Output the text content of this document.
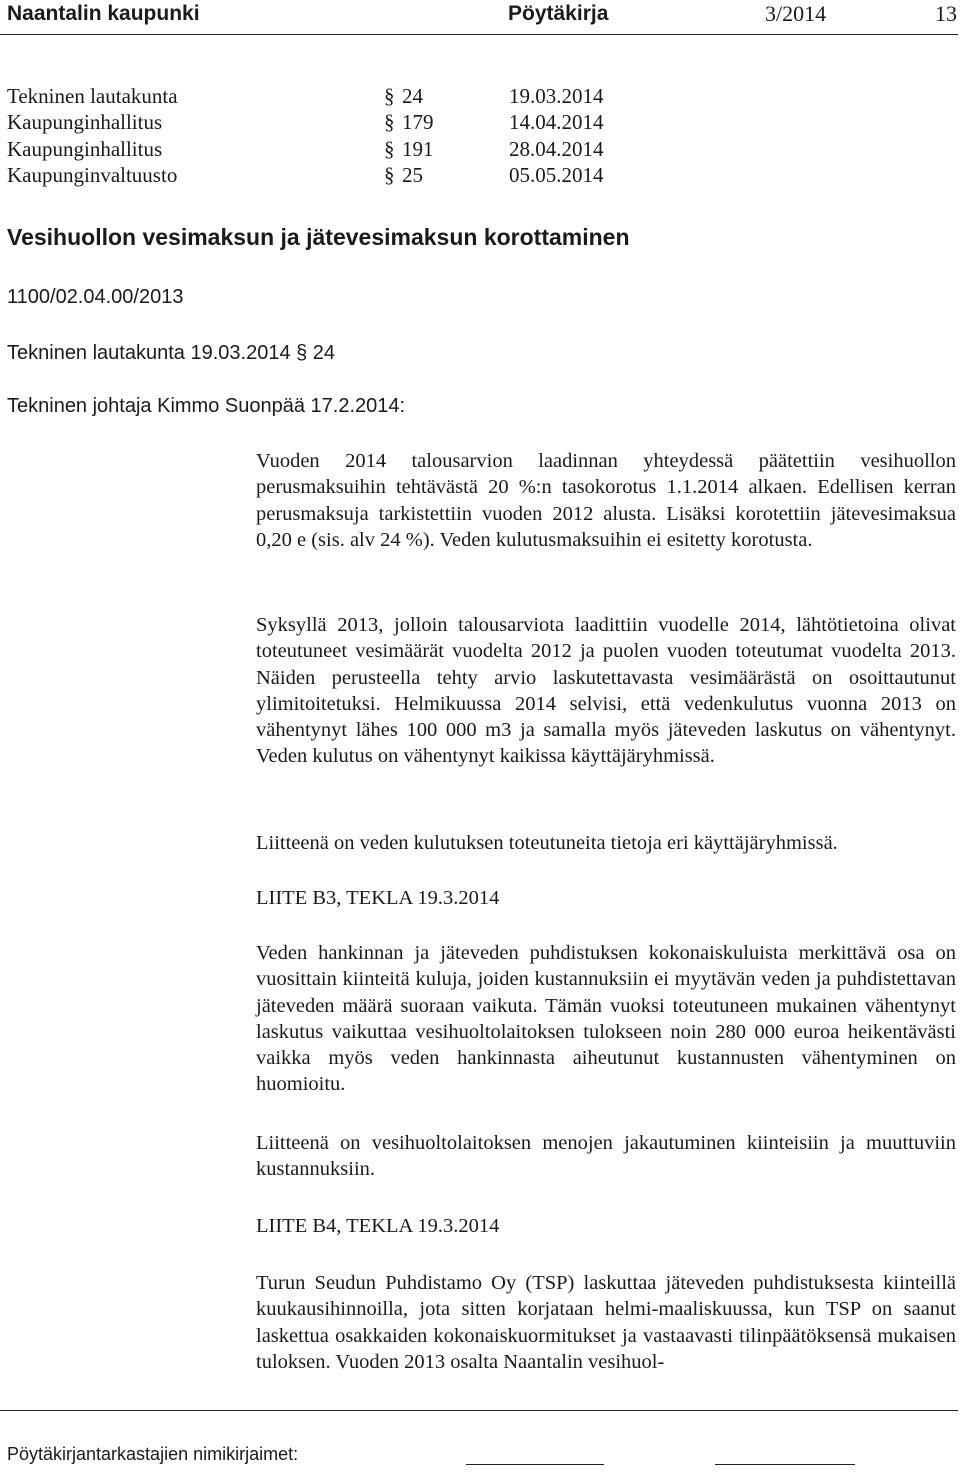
Naantalin kaupunki	Pöytäkirja	3/2014	13
Tekninen lautakunta	§ 24	19.03.2014
Kaupunginhallitus	§ 179	14.04.2014
Kaupunginhallitus	§ 191	28.04.2014
Kaupunginvaltuusto	§ 25	05.05.2014
Vesihuollon vesimaksun ja jätevesimaksun korottaminen
1100/02.04.00/2013
Tekninen lautakunta 19.03.2014 § 24
Tekninen johtaja Kimmo Suonpää 17.2.2014:

Vuoden 2014 talousarvion laadinnan yhteydessä päätettiin vesihuollon perusmaksuihin tehtävästä 20 %:n tasokorotus 1.1.2014 alkaen. Edellisen kerran perusmaksuja tarkistettiin vuoden 2012 alusta. Lisäksi korotettiin jätevesimaksua 0,20 e (sis. alv 24 %). Veden kulutusmaksuihin ei esitetty korotusta.

Syksyllä 2013, jolloin talousarviota laadittiin vuodelle 2014, lähtötietoina olivat toteutuneet vesimäärät vuodelta 2012 ja puolen vuoden toteutumat vuodelta 2013. Näiden perusteella tehty arvio laskutettavasta vesimäärästä on osoittautunut ylimitoitetuksi. Helmikuussa 2014 selvisi, että vedenkulutus vuonna 2013 on vähentynyt lähes 100 000 m3 ja samalla myös jäteveden laskutus on vähentynyt. Veden kulutus on vähentynyt kaikissa käyttäjäryhmissä.

Liitteenä on veden kulutuksen toteutuneita tietoja eri käyttäjäryhmissä.

LIITE B3, TEKLA 19.3.2014

Veden hankinnan ja jäteveden puhdistuksen kokonaiskuluista merkittävä osa on vuosittain kiinteitä kuluja, joiden kustannuksiin ei myytävän veden ja puhdistettavan jäteveden määrä suoraan vaikuta. Tämän vuoksi toteutuneen mukainen vähentynyt laskutus vaikuttaa vesihuoltolaitoksen tulokseen noin 280 000 euroa heikentävästi vaikka myös veden hankinnasta aiheutunut kustannusten vähentyminen on huomioitu.

Liitteenä on vesihuoltolaitoksen menojen jakautuminen kiinteisiin ja muuttuviin kustannuksiin.

LIITE B4, TEKLA 19.3.2014

Turun Seudun Puhdistamo Oy (TSP) laskuttaa jäteveden puhdistuksesta kiinteillä kuukausihinnoilla, jota sitten korjataan helmi-maaliskuussa, kun TSP on saanut laskettua osakkaiden kokonaiskuormitukset ja vastaavasti tilinpäätöksensä mukaisen tuloksen. Vuoden 2013 osalta Naantalin vesihuol-

Pöytäkirjantarkastajien nimikirjaimet:
